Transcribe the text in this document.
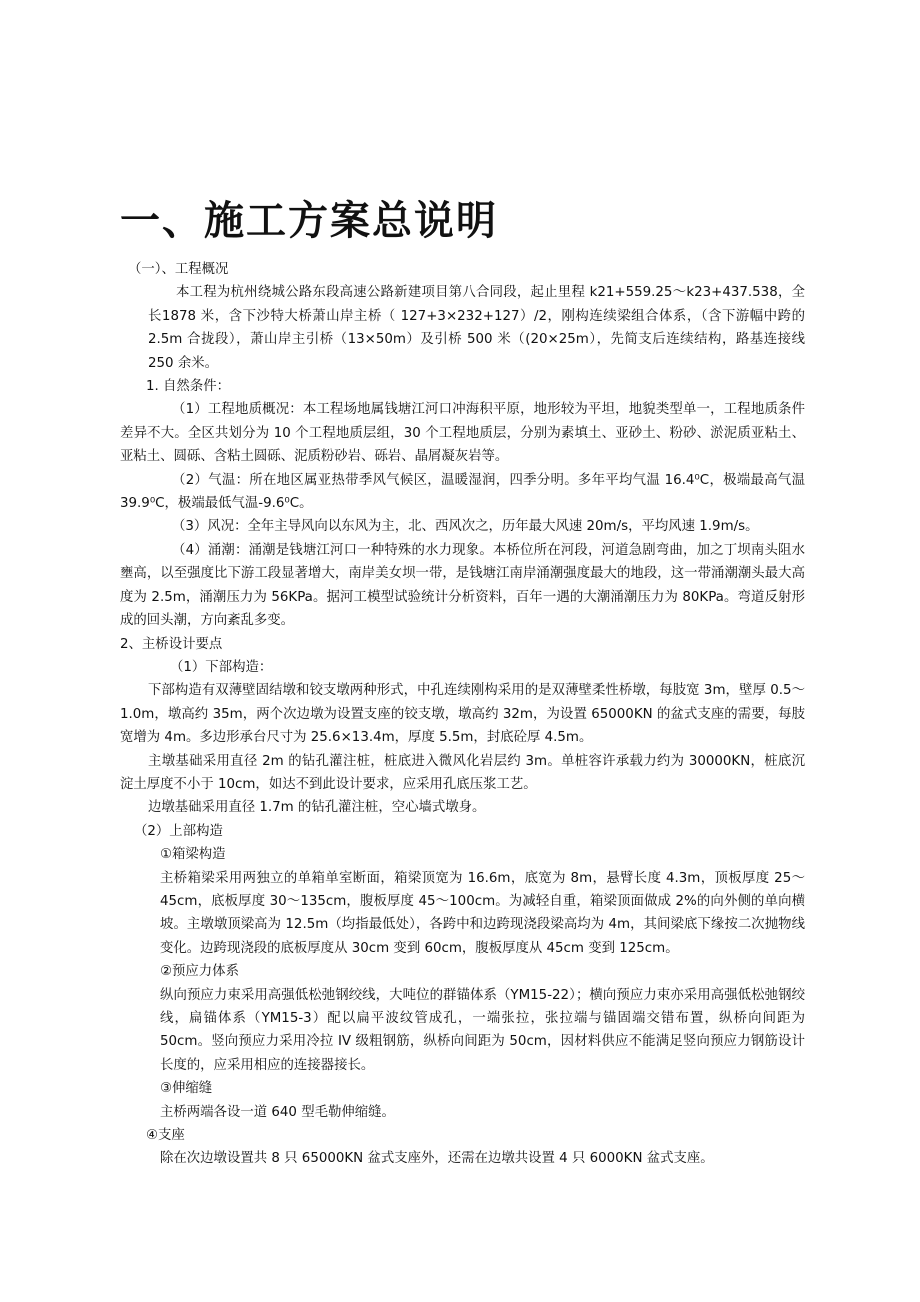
一、施工方案总说明

（一）、工程概况

本工程为杭州绕城公路东段高速公路新建项目第八合同段，起止里程 k21+559.25～k23+437.538，全长1878 米，含下沙特大桥萧山岸主桥（ 127+3×232+127）/2，刚构连续梁组合体系，（含下游幅中跨的 2.5m 合拢段），萧山岸主引桥（13×50m）及引桥 500 米（(20×25m），先简支后连续结构，路基连接线 250 余米。

1. 自然条件：

（1）工程地质概况：本工程场地属钱塘江河口冲海积平原，地形较为平坦，地貌类型单一，工程地质条件差异不大。全区共划分为 10 个工程地质层组，30 个工程地质层，分别为素填土、亚砂土、粉砂、淤泥质亚粘土、亚粘土、圆砾、含粘土圆砾、泥质粉砂岩、砾岩、晶屑凝灰岩等。

（2）气温：所在地区属亚热带季风气候区，温暖湿润，四季分明。多年平均气温 16.4⁰C，极端最高气温 39.9⁰C，极端最低气温-9.6⁰C。

（3）风况：全年主导风向以东风为主，北、西风次之，历年最大风速 20m/s，平均风速 1.9m/s。

（4）涌潮：涌潮是钱塘江河口一种特殊的水力现象。本桥位所在河段，河道急剧弯曲，加之丁坝南头阻水壅高，以至强度比下游工段显著增大，南岸美女坝一带，是钱塘江南岸涌潮强度最大的地段，这一带涌潮潮头最大高度为 2.5m，涌潮压力为 56KPa。据河工模型试验统计分析资料，百年一遇的大潮涌潮压力为 80KPa。弯道反射形成的回头潮，方向紊乱多变。

2、主桥设计要点

（1）下部构造：

下部构造有双薄壁固结墩和铰支墩两种形式，中孔连续刚构采用的是双薄壁柔性桥墩，每肢宽 3m，壁厚 0.5～1.0m，墩高约 35m，两个次边墩为设置支座的铰支墩，墩高约 32m，为设置 65000KN 的盆式支座的需要，每肢宽增为 4m。多边形承台尺寸为 25.6×13.4m，厚度 5.5m，封底砼厚 4.5m。

主墩基础采用直径 2m 的钻孔灌注桩，桩底进入微风化岩层约 3m。单桩容许承载力约为 30000KN，桩底沉淀土厚度不小于 10cm，如达不到此设计要求，应采用孔底压浆工艺。

边墩基础采用直径 1.7m 的钻孔灌注桩，空心墙式墩身。

（2）上部构造

①箱梁构造

主桥箱梁采用两独立的单箱单室断面，箱梁顶宽为 16.6m，底宽为 8m，悬臂长度 4.3m，顶板厚度 25～45cm，底板厚度 30～135cm，腹板厚度 45～100cm。为减轻自重，箱梁顶面做成 2%的向外侧的单向横坡。主墩墩顶梁高为 12.5m（均指最低处），各跨中和边跨现浇段梁高均为 4m，其间梁底下缘按二次抛物线变化。边跨现浇段的底板厚度从 30cm 变到 60cm，腹板厚度从 45cm 变到 125cm。

②预应力体系

纵向预应力束采用高强低松弛钢绞线，大吨位的群锚体系（YM15-22）；横向预应力束亦采用高强低松弛钢绞线，扁锚体系（YM15-3）配以扁平波纹管成孔，一端张拉，张拉端与锚固端交错布置，纵桥向间距为 50cm。竖向预应力采用冷拉 IV 级粗钢筋，纵桥向间距为 50cm，因材料供应不能满足竖向预应力钢筋设计长度的，应采用相应的连接器接长。

③伸缩缝

主桥两端各设一道 640 型毛勒伸缩缝。

④支座

除在次边墩设置共 8 只 65000KN 盆式支座外，还需在边墩共设置 4 只 6000KN 盆式支座。
